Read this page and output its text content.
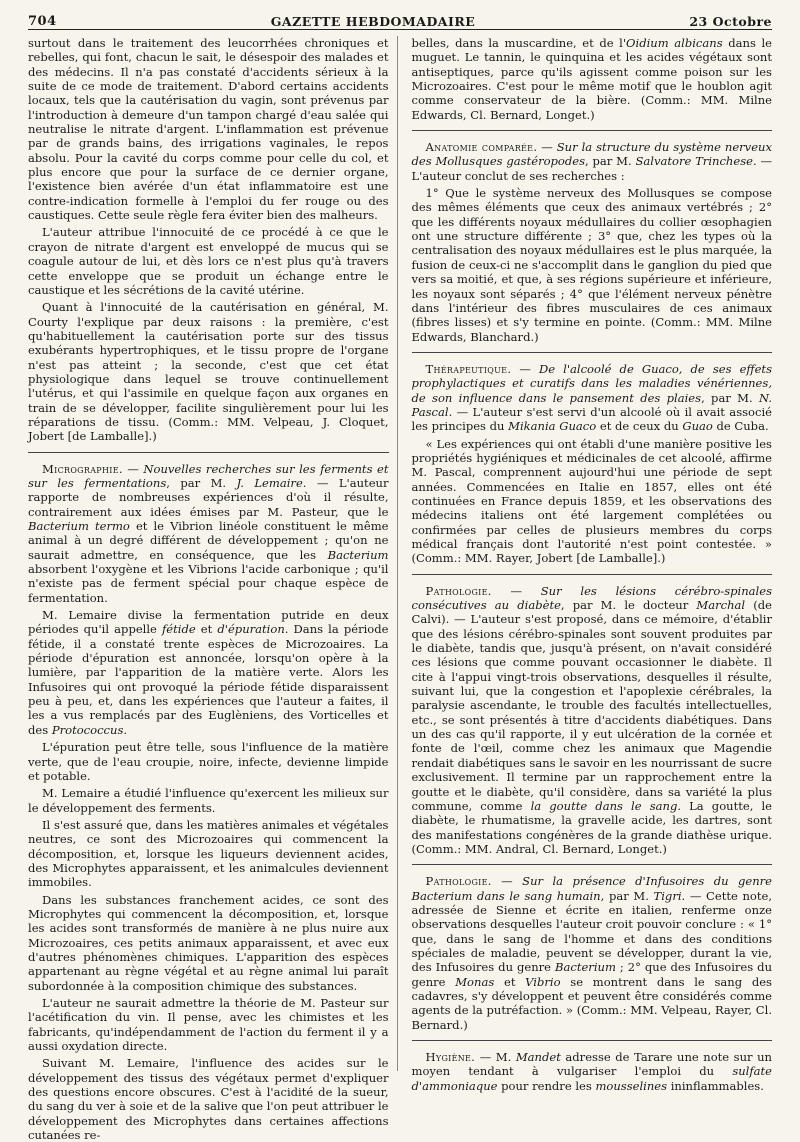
704	GAZETTE HEBDOMADAIRE	23 Octobre

surtout dans le traitement des leucorrhées chroniques et rebelles, qui font, chacun le sait, le désespoir des malades et des médecins. Il n'a pas constaté d'accidents sérieux à la suite de ce mode de traitement. D'abord certains accidents locaux, tels que la cautérisation du vagin, sont prévenus par l'introduction à demeure d'un tampon chargé d'eau salée qui neutralise le nitrate d'argent. L'inflammation est prévenue par de grands bains, des irrigations vaginales, le repos absolu. Pour la cavité du corps comme pour celle du col, et plus encore que pour la surface de ce dernier organe, l'existence bien avérée d'un état inflammatoire est une contre-indication formelle à l'emploi du fer rouge ou des caustiques. Cette seule règle fera éviter bien des malheurs.

L'auteur attribue l'innocuité de ce procédé à ce que le crayon de nitrate d'argent est enveloppé de mucus qui se coagule autour de lui, et dès lors ce n'est plus qu'à travers cette enveloppe que se produit un échange entre le caustique et les sécrétions de la cavité utérine.

Quant à l'innocuité de la cautérisation en général, M. Courty l'explique par deux raisons : la première, c'est qu'habituellement la cautérisation porte sur des tissus exubérants hypertrophiques, et le tissu propre de l'organe n'est pas atteint ; la seconde, c'est que cet état physiologique dans lequel se trouve continuellement l'utérus, et qui l'assimile en quelque façon aux organes en train de se développer, facilite singulièrement pour lui les réparations de tissu. (Comm.: MM. Velpeau, J. Cloquet, Jobert [de Lamballe].)

Micrographie. — Nouvelles recherches sur les ferments et sur les fermentations, par M. J. Lemaire. — L'auteur rapporte de nombreuses expériences d'où il résulte, contrairement aux idées émises par M. Pasteur, que le Bacterium termo et le Vibrion linéole constituent le même animal à un degré différent de développement ; qu'on ne saurait admettre, en conséquence, que les Bacterium absorbent l'oxygène et les Vibrions l'acide carbonique ; qu'il n'existe pas de ferment spécial pour chaque espèce de fermentation.

M. Lemaire divise la fermentation putride en deux périodes qu'il appelle fétide et d'épuration. Dans la période fétide, il a constaté trente espèces de Microzoaires. La période d'épuration est annoncée, lorsqu'on opère à la lumière, par l'apparition de la matière verte. Alors les Infusoires qui ont provoqué la période fétide disparaissent peu à peu, et, dans les expériences que l'auteur a faites, il les a vus remplacés par des Euglèniens, des Vorticelles et des Protococcus.

L'épuration peut être telle, sous l'influence de la matière verte, que de l'eau croupie, noire, infecte, devienne limpide et potable.

M. Lemaire a étudié l'influence qu'exercent les milieux sur le développement des ferments.

Il s'est assuré que, dans les matières animales et végétales neutres, ce sont des Microzoaires qui commencent la décomposition, et, lorsque les liqueurs deviennent acides, des Microphytes apparaissent, et les animalcules deviennent immobiles.

Dans les substances franchement acides, ce sont des Microphytes qui commencent la décomposition, et, lorsque les acides sont transformés de manière à ne plus nuire aux Microzoaires, ces petits animaux apparaissent, et avec eux d'autres phénomènes chimiques. L'apparition des espèces appartenant au règne végétal et au règne animal lui paraît subordonnée à la composition chimique des substances.

L'auteur ne saurait admettre la théorie de M. Pasteur sur l'acétification du vin. Il pense, avec les chimistes et les fabricants, qu'indépendamment de l'action du ferment il y a aussi oxydation directe.

Suivant M. Lemaire, l'influence des acides sur le développement des tissus des végétaux permet d'expliquer des questions encore obscures. C'est à l'acidité de la sueur, du sang du ver à soie et de la salive que l'on peut attribuer le développement des Microphytes dans certaines affections cutanées re-

belles, dans la muscardine, et de l'Oidium albicans dans le muguet. Le tannin, le quinquina et les acides végétaux sont antiseptiques, parce qu'ils agissent comme poison sur les Microzoaires. C'est pour le même motif que le houblon agit comme conservateur de la bière. (Comm.: MM. Milne Edwards, Cl. Bernard, Longet.)

Anatomie comparée. — Sur la structure du système nerveux des Mollusques gastéropodes, par M. Salvatore Trinchese. — L'auteur conclut de ses recherches :

1° Que le système nerveux des Mollusques se compose des mêmes éléments que ceux des animaux vertébrés ; 2° que les différents noyaux médullaires du collier œsophagien ont une structure différente ; 3° que, chez les types où la centralisation des noyaux médullaires est le plus marquée, la fusion de ceux-ci ne s'accomplit dans le ganglion du pied que vers sa moitié, et que, à ses régions supérieure et inférieure, les noyaux sont séparés ; 4° que l'élément nerveux pénètre dans l'intérieur des fibres musculaires de ces animaux (fibres lisses) et s'y termine en pointe. (Comm.: MM. Milne Edwards, Blanchard.)

Thérapeutique. — De l'alcoolé de Guaco, de ses effets prophylactiques et curatifs dans les maladies vénériennes, de son influence dans le pansement des plaies, par M. N. Pascal. — L'auteur s'est servi d'un alcoolé où il avait associé les principes du Mikania Guaco et de ceux du Guao de Cuba.

« Les expériences qui ont établi d'une manière positive les propriétés hygiéniques et médicinales de cet alcoolé, affirme M. Pascal, comprennent aujourd'hui une période de sept années. Commencées en Italie en 1857, elles ont été continuées en France depuis 1859, et les observations des médecins italiens ont été largement complétées ou confirmées par celles de plusieurs membres du corps médical français dont l'autorité n'est point contestée. » (Comm.: MM. Rayer, Jobert [de Lamballe].)

Pathologie. — Sur les lésions cérébro-spinales consécutives au diabète, par M. le docteur Marchal (de Calvi). — L'auteur s'est proposé, dans ce mémoire, d'établir que des lésions cérébro-spinales sont souvent produites par le diabète, tandis que, jusqu'à présent, on n'avait considéré ces lésions que comme pouvant occasionner le diabète. Il cite à l'appui vingt-trois observations, desquelles il résulte, suivant lui, que la congestion et l'apoplexie cérébrales, la paralysie ascendante, le trouble des facultés intellectuelles, etc., se sont présentés à titre d'accidents diabétiques. Dans un des cas qu'il rapporte, il y eut ulcération de la cornée et fonte de l'œil, comme chez les animaux que Magendie rendait diabétiques sans le savoir en les nourrissant de sucre exclusivement. Il termine par un rapprochement entre la goutte et le diabète, qu'il considère, dans sa variété la plus commune, comme la goutte dans le sang. La goutte, le diabète, le rhumatisme, la gravelle acide, les dartres, sont des manifestations congénères de la grande diathèse urique. (Comm.: MM. Andral, Cl. Bernard, Longet.)

Pathologie. — Sur la présence d'Infusoires du genre Bacterium dans le sang humain, par M. Tigri. — Cette note, adressée de Sienne et écrite en italien, renferme onze observations desquelles l'auteur croit pouvoir conclure : « 1° que, dans le sang de l'homme et dans des conditions spéciales de maladie, peuvent se développer, durant la vie, des Infusoires du genre Bacterium ; 2° que des Infusoires du genre Monas et Vibrio se montrent dans le sang des cadavres, s'y développent et peuvent être considérés comme agents de la putréfaction. » (Comm.: MM. Velpeau, Rayer, Cl. Bernard.)

Hygiène. — M. Mandet adresse de Tarare une note sur un moyen tendant à vulgariser l'emploi du sulfate d'ammoniaque pour rendre les mousselines ininflammables.
